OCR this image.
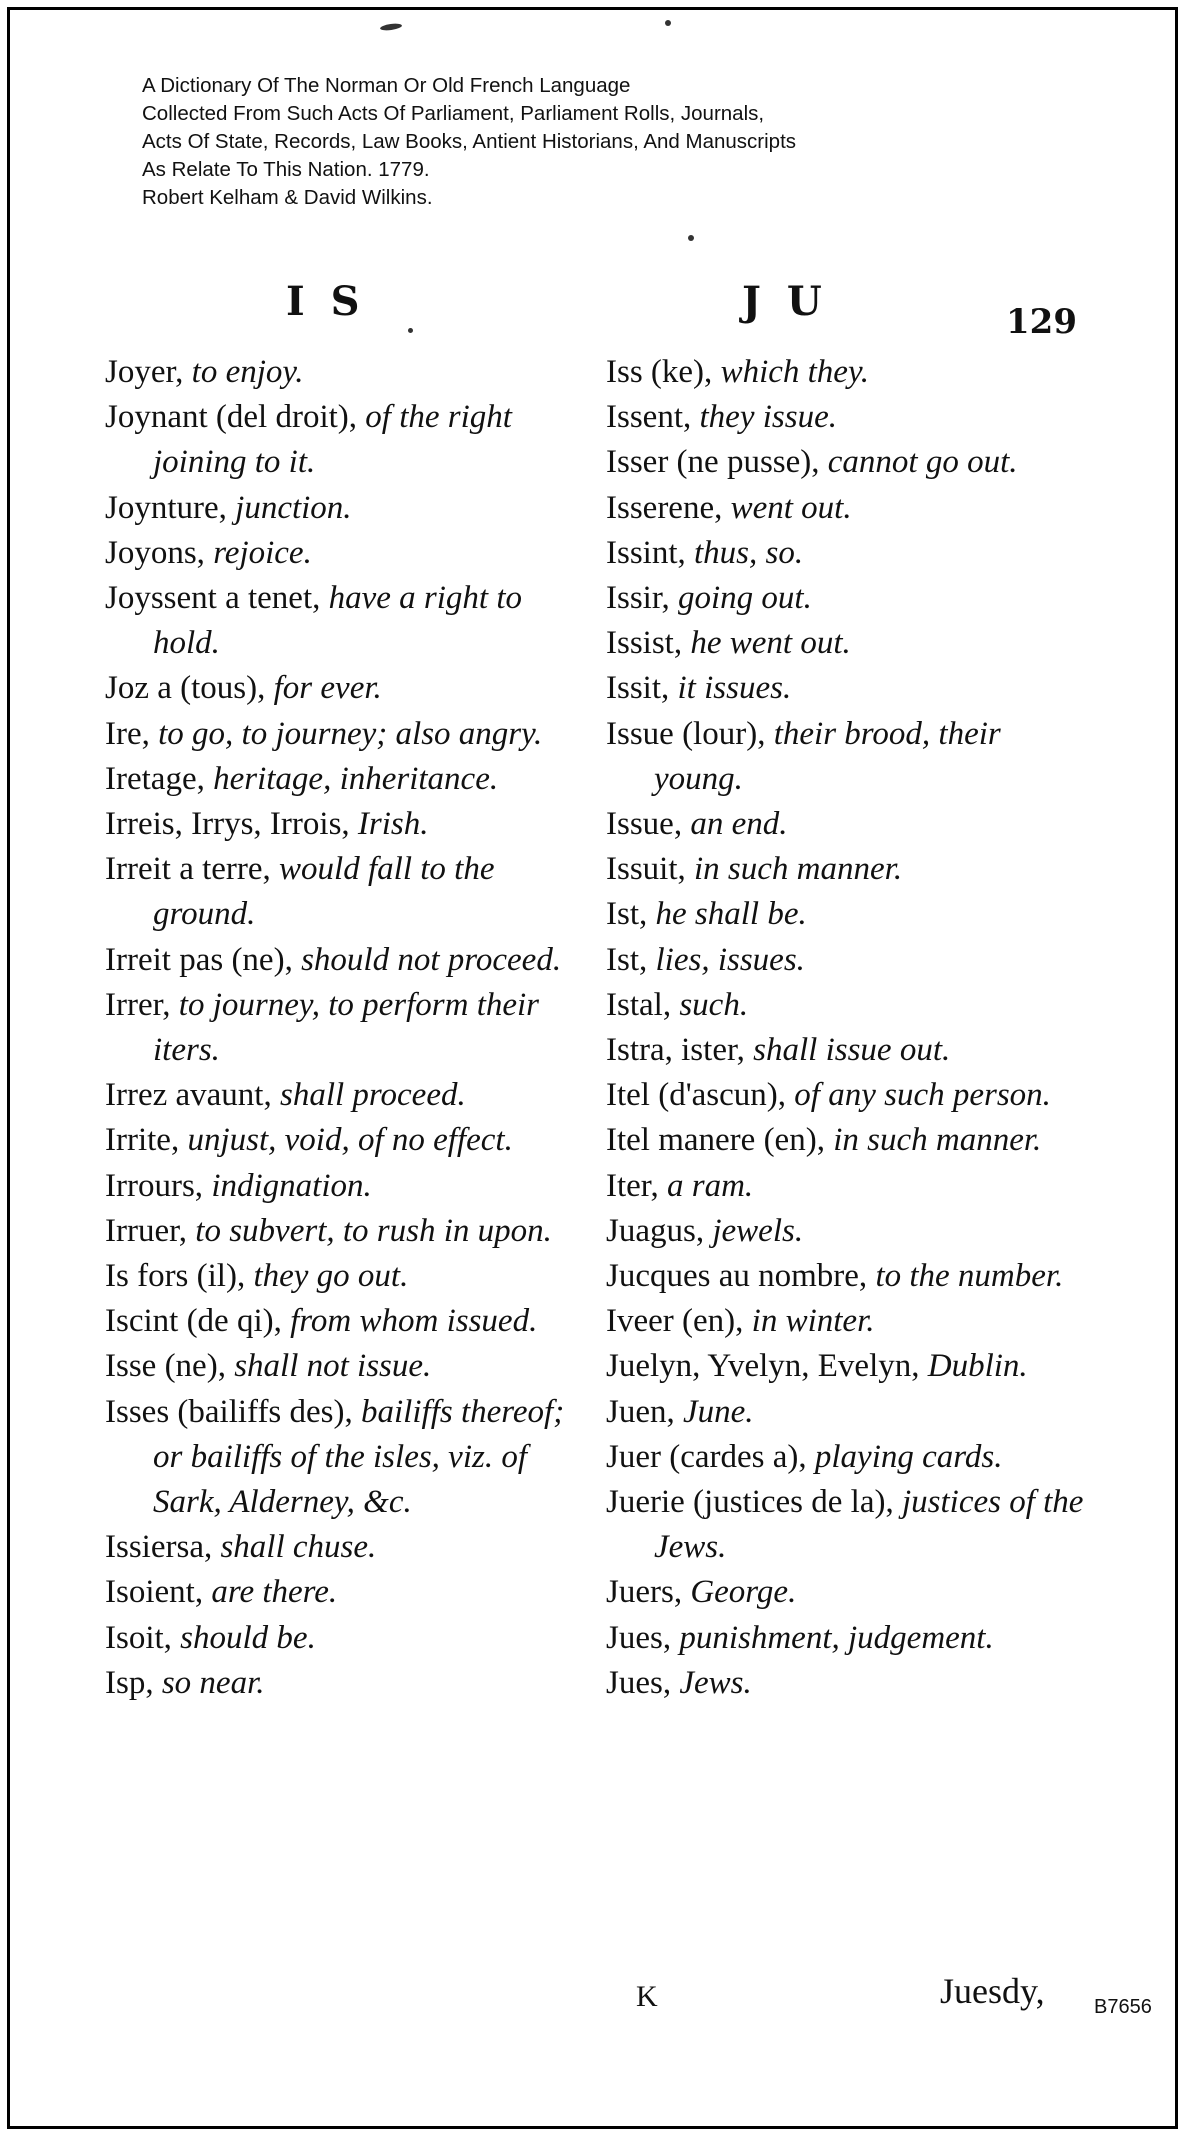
A Dictionary Of The Norman Or Old French Language
Collected From Such Acts Of Parliament, Parliament Rolls, Journals,
Acts Of State, Records, Law Books, Antient Historians, And Manuscripts
As Relate To This Nation. 1779.
Robert Kelham & David Wilkins.
I S	J U	129
Joyer, to enjoy.
Joynant (del droit), of the right joining to it.
Joynture, junction.
Joyons, rejoice.
Joyssent a tenet, have a right to hold.
Joz a (tous), for ever.
Ire, to go, to journey; also angry.
Iretage, heritage, inheritance.
Irreis, Irrys, Irrois, Irish.
Irreit a terre, would fall to the ground.
Irreit pas (ne), should not proceed.
Irrer, to journey, to perform their iters.
Irrez avaunt, shall proceed.
Irrite, unjust, void, of no effect.
Irrours, indignation.
Irruer, to subvert, to rush in upon.
Is fors (il), they go out.
Iscint (de qi), from whom issued.
Isse (ne), shall not issue.
Isses (bailiffs des), bailiffs thereof; or bailiffs of the isles, viz. of Sark, Alderney, &c.
Issiersa, shall chuse.
Isoient, are there.
Isoit, should be.
Isp, so near.
Iss (ke), which they.
Issent, they issue.
Isser (ne pusse), cannot go out.
Isserene, went out.
Issint, thus, so.
Issir, going out.
Issist, he went out.
Issit, it issues.
Issue (lour), their brood, their young.
Issue, an end.
Issuit, in such manner.
Ist, he shall be.
Ist, lies, issues.
Istal, such.
Istra, ister, shall issue out.
Itel (d'ascun), of any such person.
Itel manere (en), in such manner.
Iter, a ram.
Juagus, jewels.
Jucques au nombre, to the number.
Iveer (en), in winter.
Juelyn, Yvelyn, Evelyn, Dublin.
Juen, June.
Juer (cardes a), playing cards.
Juerie (justices de la), justices of the Jews.
Juers, George.
Jues, punishment, judgement.
Jues, Jews.
K	Juesdy, B7656
